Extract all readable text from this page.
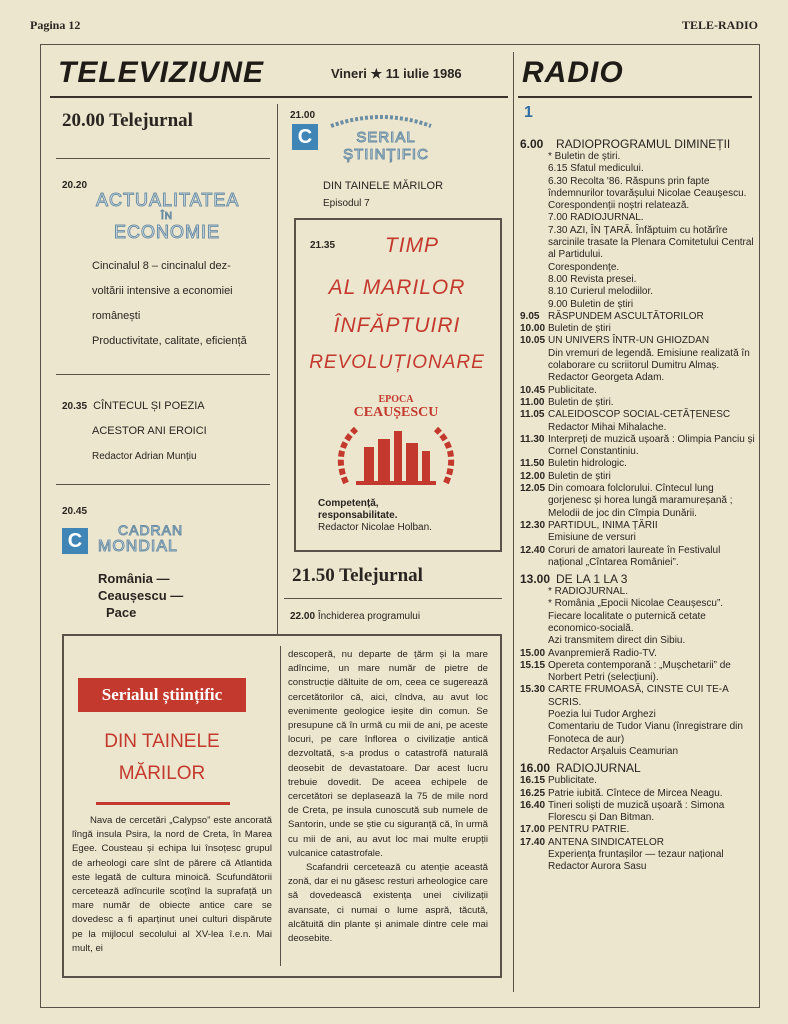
Pagina 12	TELE-RADIO
TELEVIZIUNE	Vineri ★ 11 iulie 1986
20.00 Telejurnal
20.20
ACTUALITATEA
ÎN
ECONOMIE
Cincinalul 8 – cincinalul dez-
voltării intensive a economiei
românești
Productivitate, calitate, eficiență
20.35 CÎNTECUL ȘI POEZIA
ACESTOR ANI EROICI
Redactor Adrian Munțiu
20.45
C	CADRAN
MONDIAL
România —
Ceaușescu —
Pace
21.00
C	SERIAL
ȘTIINȚIFIC
DIN TAINELE MĂRILOR
Episodul 7
21.35	TIMP
AL MARILOR
ÎNFĂPTUIRI
REVOLUȚIONARE
EPOCA
CEAUȘESCU
Competență,
responsabilitate.
Redactor Nicolae Holban.
21.50 Telejurnal
22.00 Închiderea programului
Serialul științific
DIN TAINELE
MĂRILOR
Nava de cercetări „Calypso” este ancorată lîngă insula Psira, la nord de Creta, în Marea Egee. Cousteau și echipa lui însoțesc grupul de arheologi care sînt de părere că Atlantida este legată de cultura minoică. Scufundătorii cercetează adîncurile scoțînd la suprafață un mare număr de obiecte antice care se dovedesc a fi aparținut unei culturi dispărute pe la mijlocul secolului al XV-lea î.e.n. Mai mult, ei
descoperă, nu departe de țărm și la mare adîncime, un mare număr de pietre de construcție dăltuite de om, ceea ce sugerează cercetătorilor că, aici, cîndva, au avut loc evenimente geologice ieșite din comun. Se presupune că în urmă cu mii de ani, pe aceste locuri, pe care înflorea o civilizație antică dezvoltată, s-a produs o catastrofă naturală deosebit de devastatoare. Dar acest lucru trebuie dovedit. De aceea echipele de cercetători se deplasează la 75 de mile nord de Creta, pe insula cunoscută sub numele de Santorin, unde se știe cu siguranță că, în urmă cu mii de ani, au avut loc mai multe erupții vulcanice catastrofale.
Scafandrii cercetează cu atenție această zonă, dar ei nu găsesc resturi arheologice care să dovedească existența unei civilizații avansate, ci numai o lume aspră, tăcută, alcătuită din plante și animale dintre cele mai deosebite.
RADIO
1
6.00	RADIOPROGRAMUL DIMINEȚII
* Buletin de știri.
6.15 Sfatul medicului.
6.30 Recolta '86. Răspuns prin fapte îndemnurilor tovarășului Nicolae Ceaușescu.
Corespondenții noștri relatează.
7.00 RADIOJURNAL.
7.30 AZI, ÎN ȚARĂ. Înfăptuim cu hotărîre sarcinile trasate la Plenara Comitetului Central al Partidului.
Corespondențe.
8.00 Revista presei.
8.10 Curierul melodiilor.
9.00 Buletin de știri
9.05 RĂSPUNDEM ASCULTĂTORILOR
10.00 Buletin de știri
10.05 UN UNIVERS ÎNTR-UN GHIOZDAN
Din vremuri de legendă. Emisiune realizată în colaborare cu scriitorul Dumitru Almaș.
Redactor Georgeta Adam.
10.45 Publicitate.
11.00 Buletin de știri.
11.05 CALEIDOSCOP SOCIAL-CETĂȚENESC
Redactor Mihai Mihalache.
11.30 Interpreți de muzică ușoară : Olimpia Panciu și Cornel Constantiniu.
11.50 Buletin hidrologic.
12.00 Buletin de știri
12.05 Din comoara folclorului. Cîntecul lung gorjenesc și horea lungă maramureșană ; Melodii de joc din Cîmpia Dunării.
12.30 PARTIDUL, INIMA ȚĂRII
Emisiune de versuri
12.40 Coruri de amatori laureate în Festivalul național „Cîntarea României”.
13.00 DE LA 1 LA 3
* RADIOJURNAL.
* România „Epocii Nicolae Ceaușescu”. Fiecare localitate o puternică cetate economico-socială.
Azi transmitem direct din Sibiu.
15.00 Avanpremieră Radio-TV.
15.15 Opereta contemporană : „Mușchetarii” de Norbert Petri (selecțiuni).
15.30 CARTE FRUMOASĂ, CINSTE CUI TE-A SCRIS.
Poezia lui Tudor Arghezi
Comentariu de Tudor Vianu (înregistrare din Fonoteca de aur)
Redactor Arșaluis Ceamurian
16.00 RADIOJURNAL
16.15 Publicitate.
16.25 Patrie iubită. Cîntece de Mircea Neagu.
16.40 Tineri soliști de muzică ușoară : Simona Florescu și Dan Bitman.
17.00 PENTRU PATRIE.
17.40 ANTENA SINDICATELOR
Experiența fruntașilor — tezaur național
Redactor Aurora Sasu
